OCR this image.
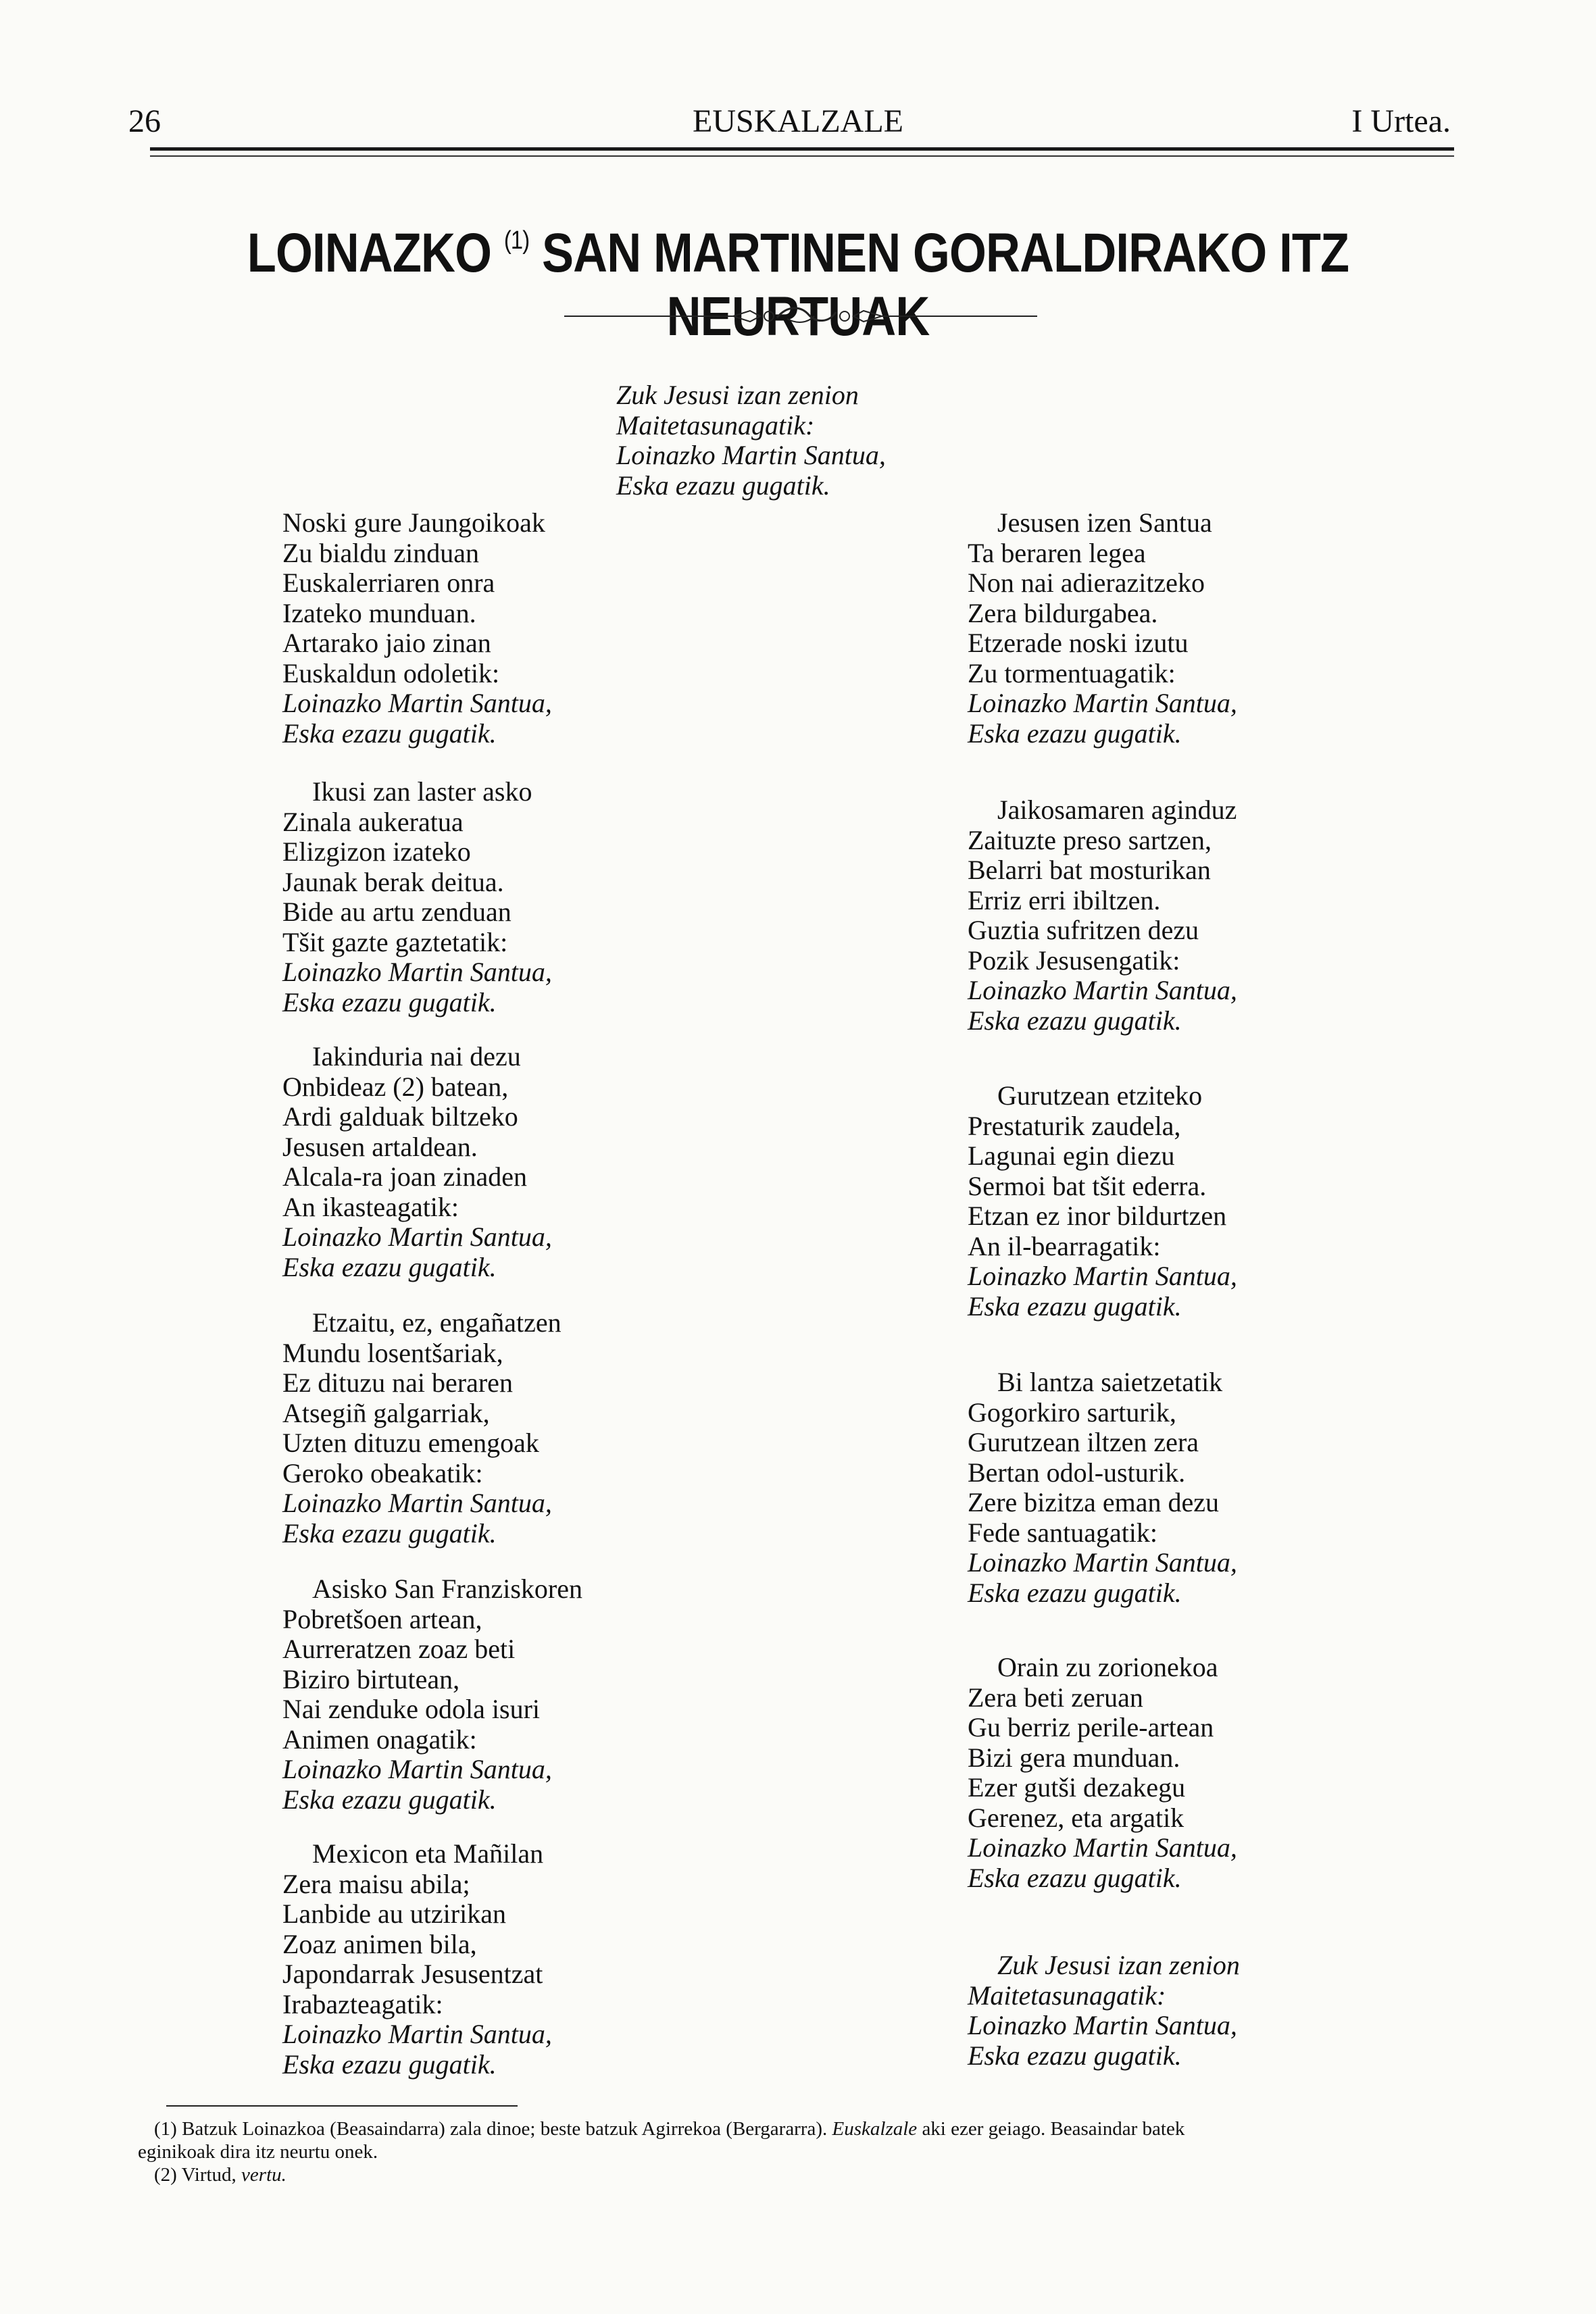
26	EUSKALZALE	I Urtea.
LOINAZKO $^{(1)}$ SAN MARTINEN GORALDIRAKO ITZ NEURTUAK
Zuk Jesusi izan zenion
Maitetasunagatik:
Loinazko Martin Santua,
Eska ezazu gugatik.
Noski gure Jaungoikoak
Zu bialdu zinduan
Euskalerriaren onra
Izateko munduan.
Artarako jaio zinan
Euskaldun odoletik:
Loinazko Martin Santua,
Eska ezazu gugatik.
Ikusi zan laster asko
Zinala aukeratua
Elizgizon izateko
Jaunak berak deitua.
Bide au artu zenduan
Tšit gazte gaztetatik:
Loinazko Martin Santua,
Eska ezazu gugatik.
Iakinduria nai dezu
Onbideaz (2) batean,
Ardi galduak biltzeko
Jesusen artaldean.
Alcala-ra joan zinaden
An ikasteagatik:
Loinazko Martin Santua,
Eska ezazu gugatik.
Etzaitu, ez, engañatzen
Mundu losentšariak,
Ez dituzu nai beraren
Atsegiñ galgarriak,
Uzten dituzu emengoak
Geroko obeakatik:
Loinazko Martin Santua,
Eska ezazu gugatik.
Asisko San Franziskoren
Pobretšoen artean,
Aurreratzen zoaz beti
Biziro birtutean,
Nai zenduke odola isuri
Animen onagatik:
Loinazko Martin Santua,
Eska ezazu gugatik.
Mexicon eta Mañilan
Zera maisu abila;
Lanbide au utzirikan
Zoaz animen bila,
Japondarrak Jesusentzat
Irabazteagatik:
Loinazko Martin Santua,
Eska ezazu gugatik.
Jesusen izen Santua
Ta beraren legea
Non nai adierazitzeko
Zera bildurgabea.
Etzerade noski izutu
Zu tormentuagatik:
Loinazko Martin Santua,
Eska ezazu gugatik.
Jaikosamaren aginduz
Zaituzte preso sartzen,
Belarri bat mosturikan
Erriz erri ibiltzen.
Guztia sufritzen dezu
Pozik Jesusengatik:
Loinazko Martin Santua,
Eska ezazu gugatik.
Gurutzean etziteko
Prestaturik zaudela,
Lagunai egin diezu
Sermoi bat tšit ederra.
Etzan ez inor bildurtzen
An il-bearragatik:
Loinazko Martin Santua,
Eska ezazu gugatik.
Bi lantza saietzetatik
Gogorkiro sarturik,
Gurutzean iltzen zera
Bertan odol-usturik.
Zere bizitza eman dezu
Fede santuagatik:
Loinazko Martin Santua,
Eska ezazu gugatik.
Orain zu zorionekoa
Zera beti zeruan
Gu berriz perile-artean
Bizi gera munduan.
Ezer gutši dezakegu
Gerenez, eta argatik
Loinazko Martin Santua,
Eska ezazu gugatik.
Zuk Jesusi izan zenion
Maitetasunagatik:
Loinazko Martin Santua,
Eska ezazu gugatik.
(1) Batzuk Loinazkoa (Beasaindarra) zala dinoe; beste batzuk Agirrekoa (Bergararra). Euskalzale aki ezer geiago. Beasaindar batek
eginikoak dira itz neurtu onek.
(2) Virtud, vertu.
